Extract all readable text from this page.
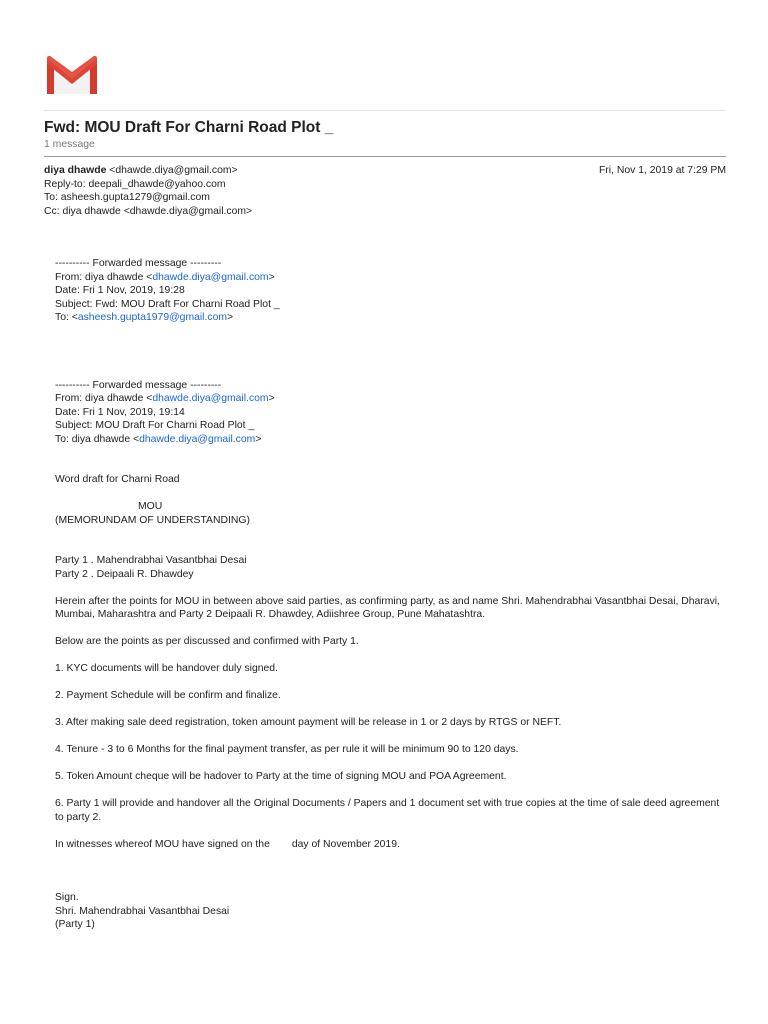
Fwd: MOU Draft For Charni Road Plot _
1 message
diya dhawde <dhawde.diya@gmail.com>
Reply-to: deepali_dhawde@yahoo.com
To: asheesh.gupta1279@gmail.com
Cc: diya dhawde <dhawde.diya@gmail.com>
Fri, Nov 1, 2019 at 7:29 PM
---------- Forwarded message ---------
From: diya dhawde <dhawde.diya@gmail.com>
Date: Fri 1 Nov, 2019, 19:28
Subject: Fwd: MOU Draft For Charni Road Plot _
To: <asheesh.gupta1979@gmail.com>
---------- Forwarded message ---------
From: diya dhawde <dhawde.diya@gmail.com>
Date: Fri 1 Nov, 2019, 19:14
Subject: MOU Draft For Charni Road Plot _
To: diya dhawde <dhawde.diya@gmail.com>
Word draft for Charni Road
MOU
(MEMORUNDAM OF UNDERSTANDING)
Party 1 . Mahendrabhai Vasantbhai Desai
Party 2 . Deipaali R. Dhawdey
Herein after the points for MOU in between above said parties, as confirming party, as and name Shri. Mahendrabhai Vasantbhai Desai, Dharavi, Mumbai, Maharashtra and Party 2 Deipaali R. Dhawdey, Adiishree Group, Pune Mahatashtra.
Below are the points as per discussed and confirmed with Party 1.
1. KYC documents will be handover duly signed.
2. Payment Schedule will be confirm and finalize.
3. After making sale deed registration, token amount payment will be release in 1 or 2 days by RTGS or NEFT.
4. Tenure - 3 to 6 Months for the final payment transfer, as per rule it will be minimum 90 to 120 days.
5. Token Amount cheque will be hadover to Party at the time of signing MOU and POA Agreement.
6. Party 1 will provide and handover all the Original Documents / Papers and 1 document set with true copies at the time of sale deed agreement to party 2.
In witnesses whereof MOU have signed on the day of November 2019.
Sign.
Shri. Mahendrabhai Vasantbhai Desai
(Party 1)
